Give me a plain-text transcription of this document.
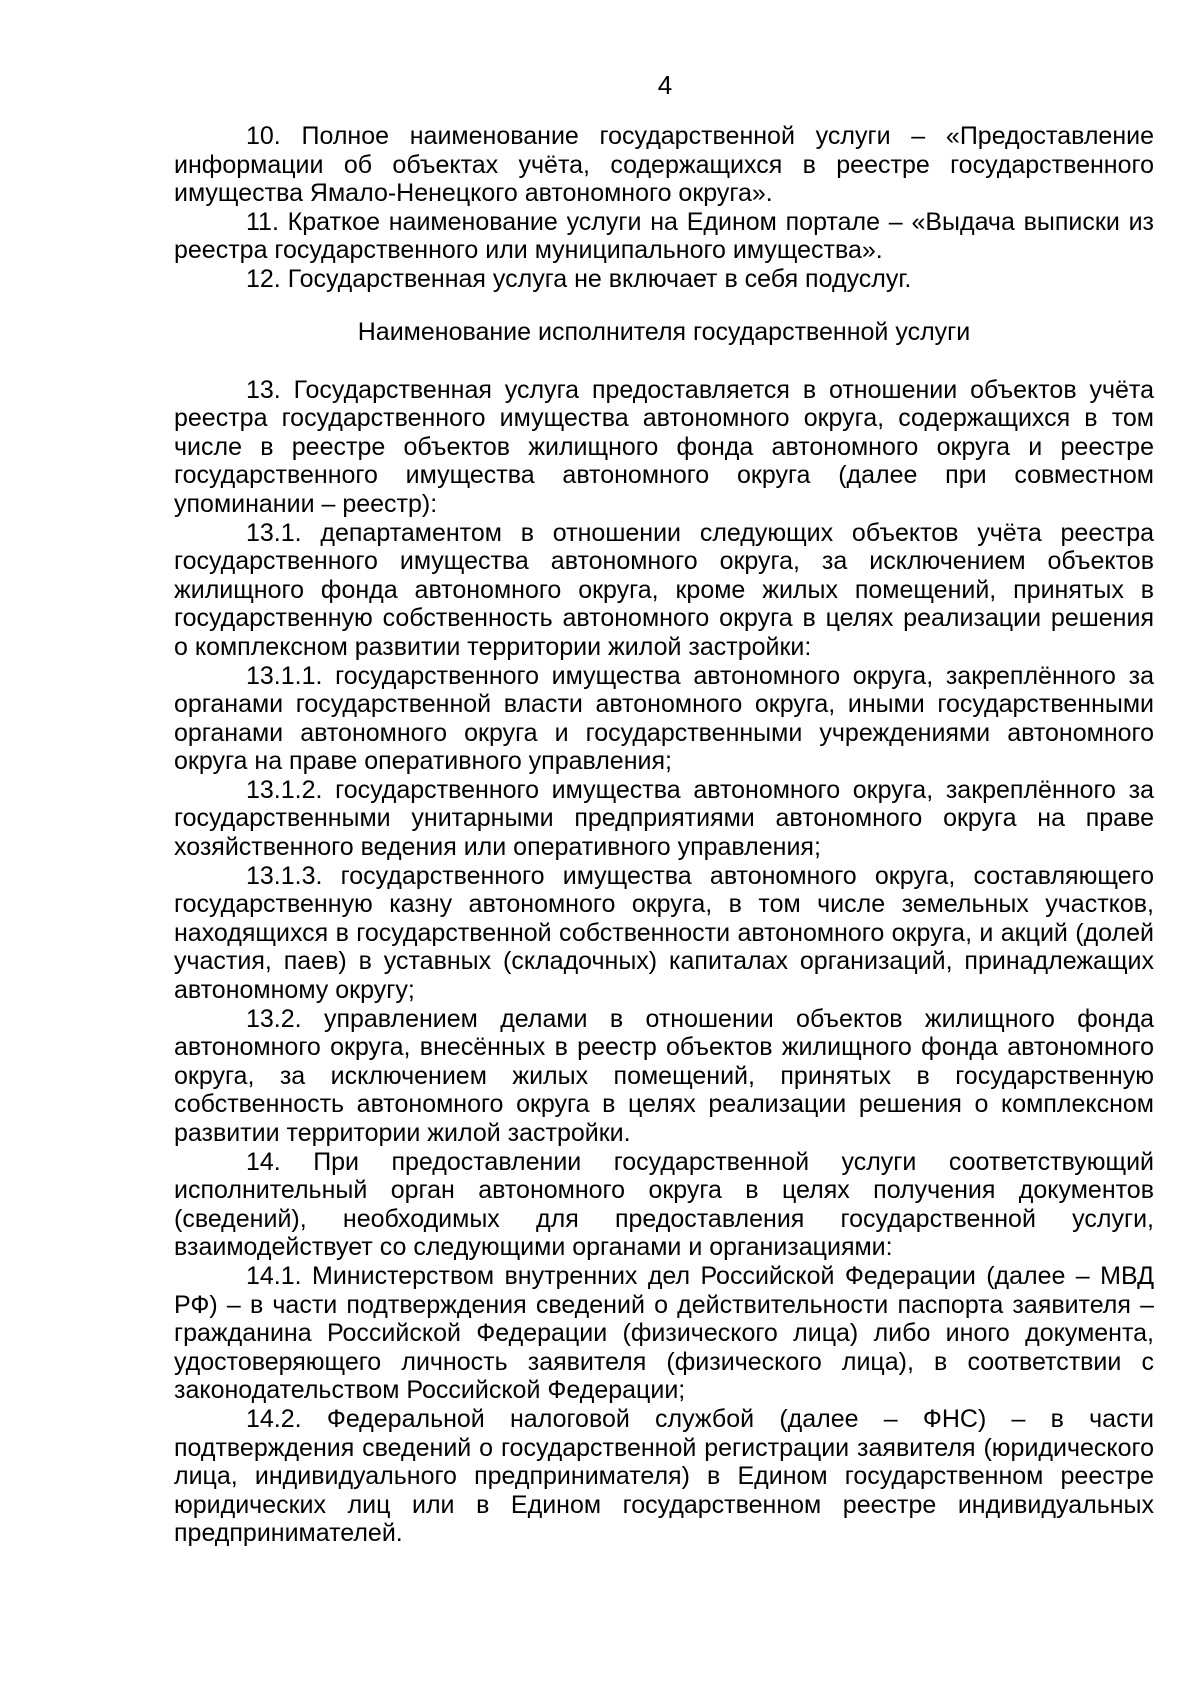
4

10. Полное наименование государственной услуги – «Предоставление информации об объектах учёта, содержащихся в реестре государственного имущества Ямало-Ненецкого автономного округа».

11. Краткое наименование услуги на Едином портале – «Выдача выписки из реестра государственного или муниципального имущества».

12. Государственная услуга не включает в себя подуслуг.

Наименование исполнителя государственной услуги

13. Государственная услуга предоставляется в отношении объектов учёта реестра государственного имущества автономного округа, содержащихся в том числе в реестре объектов жилищного фонда автономного округа и реестре государственного имущества автономного округа (далее при совместном упоминании – реестр):

13.1. департаментом в отношении следующих объектов учёта реестра государственного имущества автономного округа, за исключением объектов жилищного фонда автономного округа, кроме жилых помещений, принятых в государственную собственность автономного округа в целях реализации решения о комплексном развитии территории жилой застройки:

13.1.1. государственного имущества автономного округа, закреплённого за органами государственной власти автономного округа, иными государственными органами автономного округа и государственными учреждениями автономного округа на праве оперативного управления;

13.1.2. государственного имущества автономного округа, закреплённого за государственными унитарными предприятиями автономного округа на праве хозяйственного ведения или оперативного управления;

13.1.3. государственного имущества автономного округа, составляющего государственную казну автономного округа, в том числе земельных участков, находящихся в государственной собственности автономного округа, и акций (долей участия, паев) в уставных (складочных) капиталах организаций, принадлежащих автономному округу;

13.2. управлением делами в отношении объектов жилищного фонда автономного округа, внесённых в реестр объектов жилищного фонда автономного округа, за исключением жилых помещений, принятых в государственную собственность автономного округа в целях реализации решения о комплексном развитии территории жилой застройки.

14. При предоставлении государственной услуги соответствующий исполнительный орган автономного округа в целях получения документов (сведений), необходимых для предоставления государственной услуги, взаимодействует со следующими органами и организациями:

14.1. Министерством внутренних дел Российской Федерации (далее – МВД РФ) – в части подтверждения сведений о действительности паспорта заявителя – гражданина Российской Федерации (физического лица) либо иного документа, удостоверяющего личность заявителя (физического лица), в соответствии с законодательством Российской Федерации;

14.2. Федеральной налоговой службой (далее – ФНС) – в части подтверждения сведений о государственной регистрации заявителя (юридического лица, индивидуального предпринимателя) в Едином государственном реестре юридических лиц или в Едином государственном реестре индивидуальных предпринимателей.
